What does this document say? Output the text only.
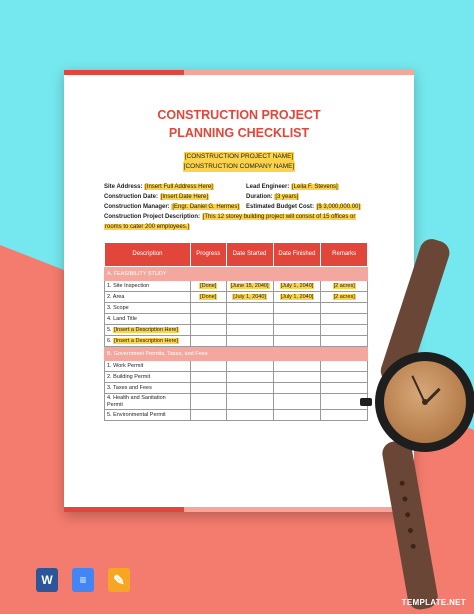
CONSTRUCTION PROJECT
PLANNING CHECKLIST
[CONSTRUCTION PROJECT NAME]
[CONSTRUCTION COMPANY NAME]
Site Address: [Insert Full Address Here]	Lead Engineer: [Leila F. Stevens]
Construction Date: [Insert Date Here]	Duration: [3 years]
Construction Manager: [Engr. Daniel G. Hermes]	Estimated Budget Cost: [$ 3,000,000.00]
Construction Project Description: [This 12 storey building project will consist of 15 offices or
rooms to cater 200 employees.]
Description	Progress	Date Started	Date Finished	Remarks
A. FEASIBILITY STUDY				
1. Site Inspection	[Done]	[June 15, 2040]	[July 1, 2040]	[2 acres]
2. Area	[Done]	[July 1, 2040]	[July 1, 2040]	[2 acres]
3. Scope				
4. Land Title				
5. [Insert a Description Here]				
6. [Insert a Description Here]				
B. Government Permits, Taxes, and Fees				
1. Work Permit				
2. Building Permit				
3. Taxes and Fees				

4. Health and Sanitation
Permit				

5. Environmental Permit				
W	≡	✎
TEMPLATE.NET
